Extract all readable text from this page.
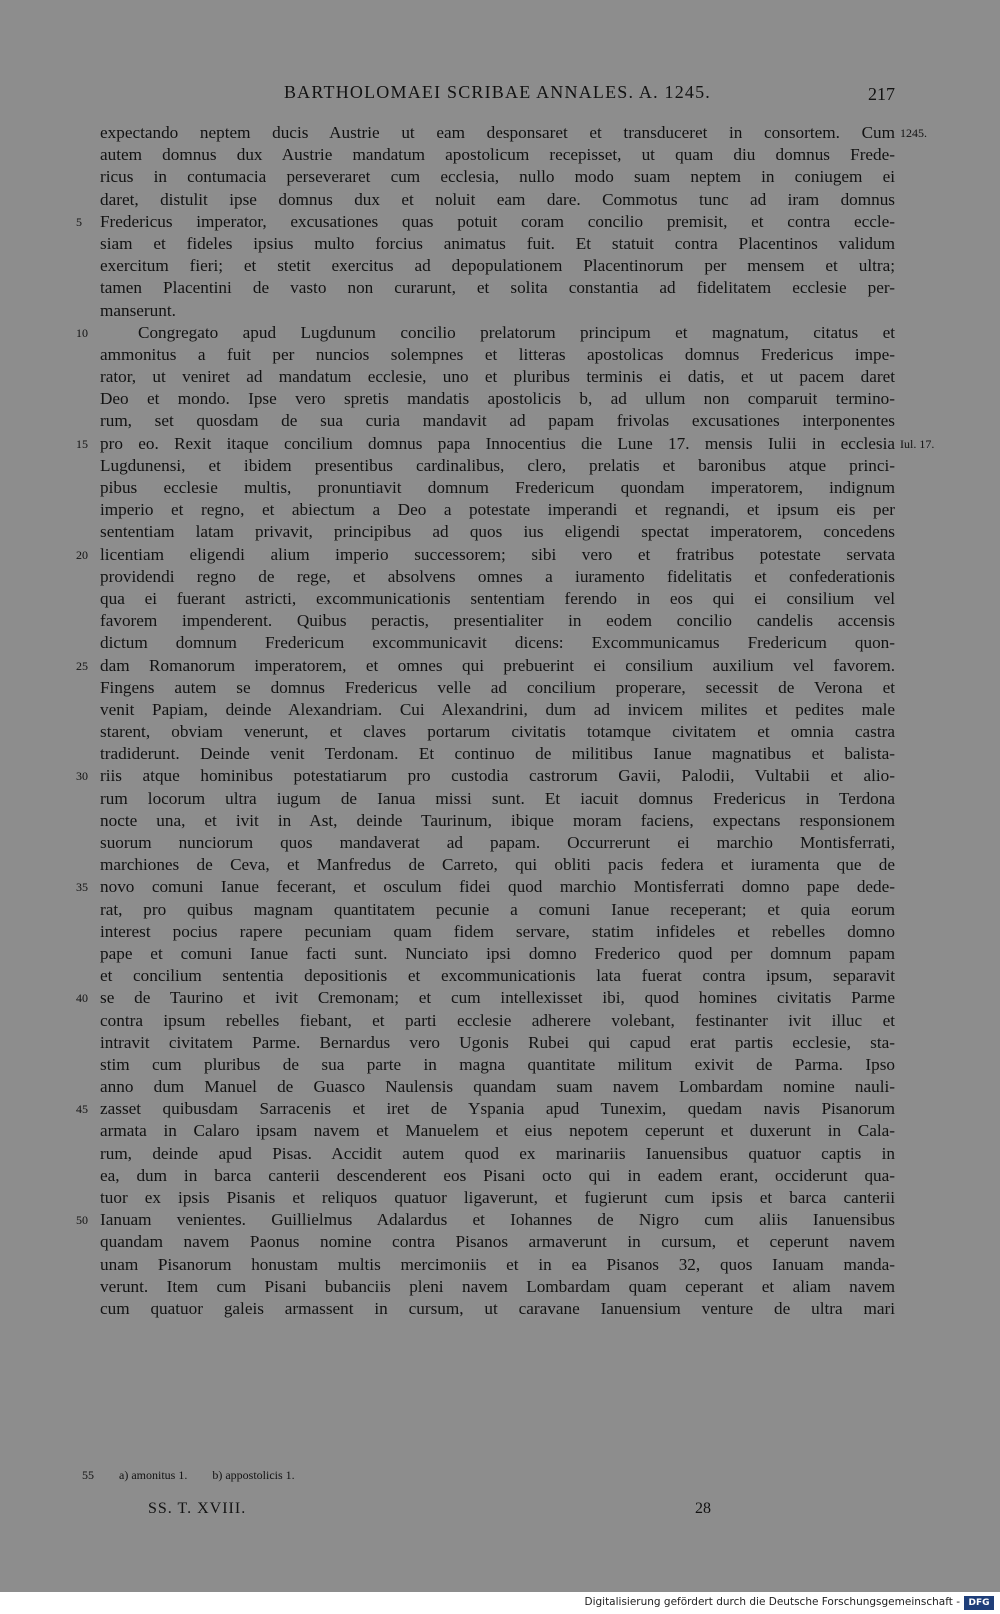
BARTHOLOMAEI SCRIBAE ANNALES. A. 1245.	217
expectando neptem ducis Austrie ut eam desponsaret et transduceret in consortem. Cum 1245.
autem domnus dux Austrie mandatum apostolicum recepisset, ut quam diu domnus Frede-
ricus in contumacia perseveraret cum ecclesia, nullo modo suam neptem in coniugem ei
daret, distulit ipse domnus dux et noluit eam dare. Commotus tunc ad iram domnus
5 Fredericus imperator, excusationes quas potuit coram concilio premisit, et contra eccle-
siam et fideles ipsius multo forcius animatus fuit. Et statuit contra Placentinos validum
exercitum fieri; et stetit exercitus ad depopulationem Placentinorum per mensem et ultra;
tamen Placentini de vasto non curarunt, et solita constantia ad fidelitatem ecclesie per-
manserunt.
10	Congregato apud Lugdunum concilio prelatorum principum et magnatum, citatus et
ammonitus a fuit per nuncios solempnes et litteras apostolicas domnus Fredericus impe-
rator, ut veniret ad mandatum ecclesie, uno et pluribus terminis ei datis, et ut pacem daret
Deo et mondo. Ipse vero spretis mandatis apostolicis b, ad ullum non comparuit termino-
rum, set quosdam de sua curia mandavit ad papam frivolas excusationes interponentes
15 pro eo. Rexit itaque concilium domnus papa Innocentius die Lune 17. mensis Iulii in ecclesia Iul. 17.
Lugdunensi, et ibidem presentibus cardinalibus, clero, prelatis et baronibus atque princi-
pibus ecclesie multis, pronuntiavit domnum Fredericum quondam imperatorem, indignum
imperio et regno, et abiectum a Deo a potestate imperandi et regnandi, et ipsum eis per
sententiam latam privavit, principibus ad quos ius eligendi spectat imperatorem, concedens
20 licentiam eligendi alium imperio successorem; sibi vero et fratribus potestate servata
providendi regno de rege, et absolvens omnes a iuramento fidelitatis et confederationis
qua ei fuerant astricti, excommunicationis sententiam ferendo in eos qui ei consilium vel
favorem impenderent. Quibus peractis, presentialiter in eodem concilio candelis accensis
dictum domnum Fredericum excommunicavit dicens: Excommunicamus Fredericum quon-
25 dam Romanorum imperatorem, et omnes qui prebuerint ei consilium auxilium vel favorem.
Fingens autem se domnus Fredericus velle ad concilium properare, secessit de Verona et
venit Papiam, deinde Alexandriam. Cui Alexandrini, dum ad invicem milites et pedites male
starent, obviam venerunt, et claves portarum civitatis totamque civitatem et omnia castra
tradiderunt. Deinde venit Terdonam. Et continuo de militibus Ianue magnatibus et balista-
30 riis atque hominibus potestatiarum pro custodia castrorum Gavii, Palodii, Vultabii et alio-
rum locorum ultra iugum de Ianua missi sunt. Et iacuit domnus Fredericus in Terdona
nocte una, et ivit in Ast, deinde Taurinum, ibique moram faciens, expectans responsionem
suorum nunciorum quos mandaverat ad papam. Occurrerunt ei marchio Montisferrati,
marchiones de Ceva, et Manfredus de Carreto, qui obliti pacis federa et iuramenta que de
35 novo comuni Ianue fecerant, et osculum fidei quod marchio Montisferrati domno pape dede-
rat, pro quibus magnam quantitatem pecunie a comuni Ianue receperant; et quia eorum
interest pocius rapere pecuniam quam fidem servare, statim infideles et rebelles domno
pape et comuni Ianue facti sunt. Nunciato ipsi domno Frederico quod per domnum papam
et concilium sententia depositionis et excommunicationis lata fuerat contra ipsum, separavit
40 se de Taurino et ivit Cremonam; et cum intellexisset ibi, quod homines civitatis Parme
contra ipsum rebelles fiebant, et parti ecclesie adherere volebant, festinanter ivit illuc et
intravit civitatem Parme. Bernardus vero Ugonis Rubei qui capud erat partis ecclesie, sta-
stim cum pluribus de sua parte in magna quantitate militum exivit de Parma. Ipso
anno dum Manuel de Guasco Naulensis quandam suam navem Lombardam nomine nauli-
45 zasset quibusdam Sarracenis et iret de Yspania apud Tunexim, quedam navis Pisanorum
armata in Calaro ipsam navem et Manuelem et eius nepotem ceperunt et duxerunt in Cala-
rum, deinde apud Pisas. Accidit autem quod ex marinariis Ianuensibus quatuor captis in
ea, dum in barca canterii descenderent eos Pisani octo qui in eadem erant, occiderunt qua-
tuor ex ipsis Pisanis et reliquos quatuor ligaverunt, et fugierunt cum ipsis et barca canterii
50 Ianuam venientes. Guillielmus Adalardus et Iohannes de Nigro cum aliis Ianuensibus
quandam navem Paonus nomine contra Pisanos armaverunt in cursum, et ceperunt navem
unam Pisanorum honustam multis mercimoniis et in ea Pisanos 32, quos Ianuam manda-
verunt. Item cum Pisani bubanciis pleni navem Lombardam quam ceperant et aliam navem
cum quatuor galeis armassent in cursum, ut caravane Ianuensium venture de ultra mari
55 a) amonitus 1. b) appostolicis 1.
SS. T. XVIII.	28
Digitalisierung gefördert durch die Deutsche Forschungsgemeinschaft - DFG
